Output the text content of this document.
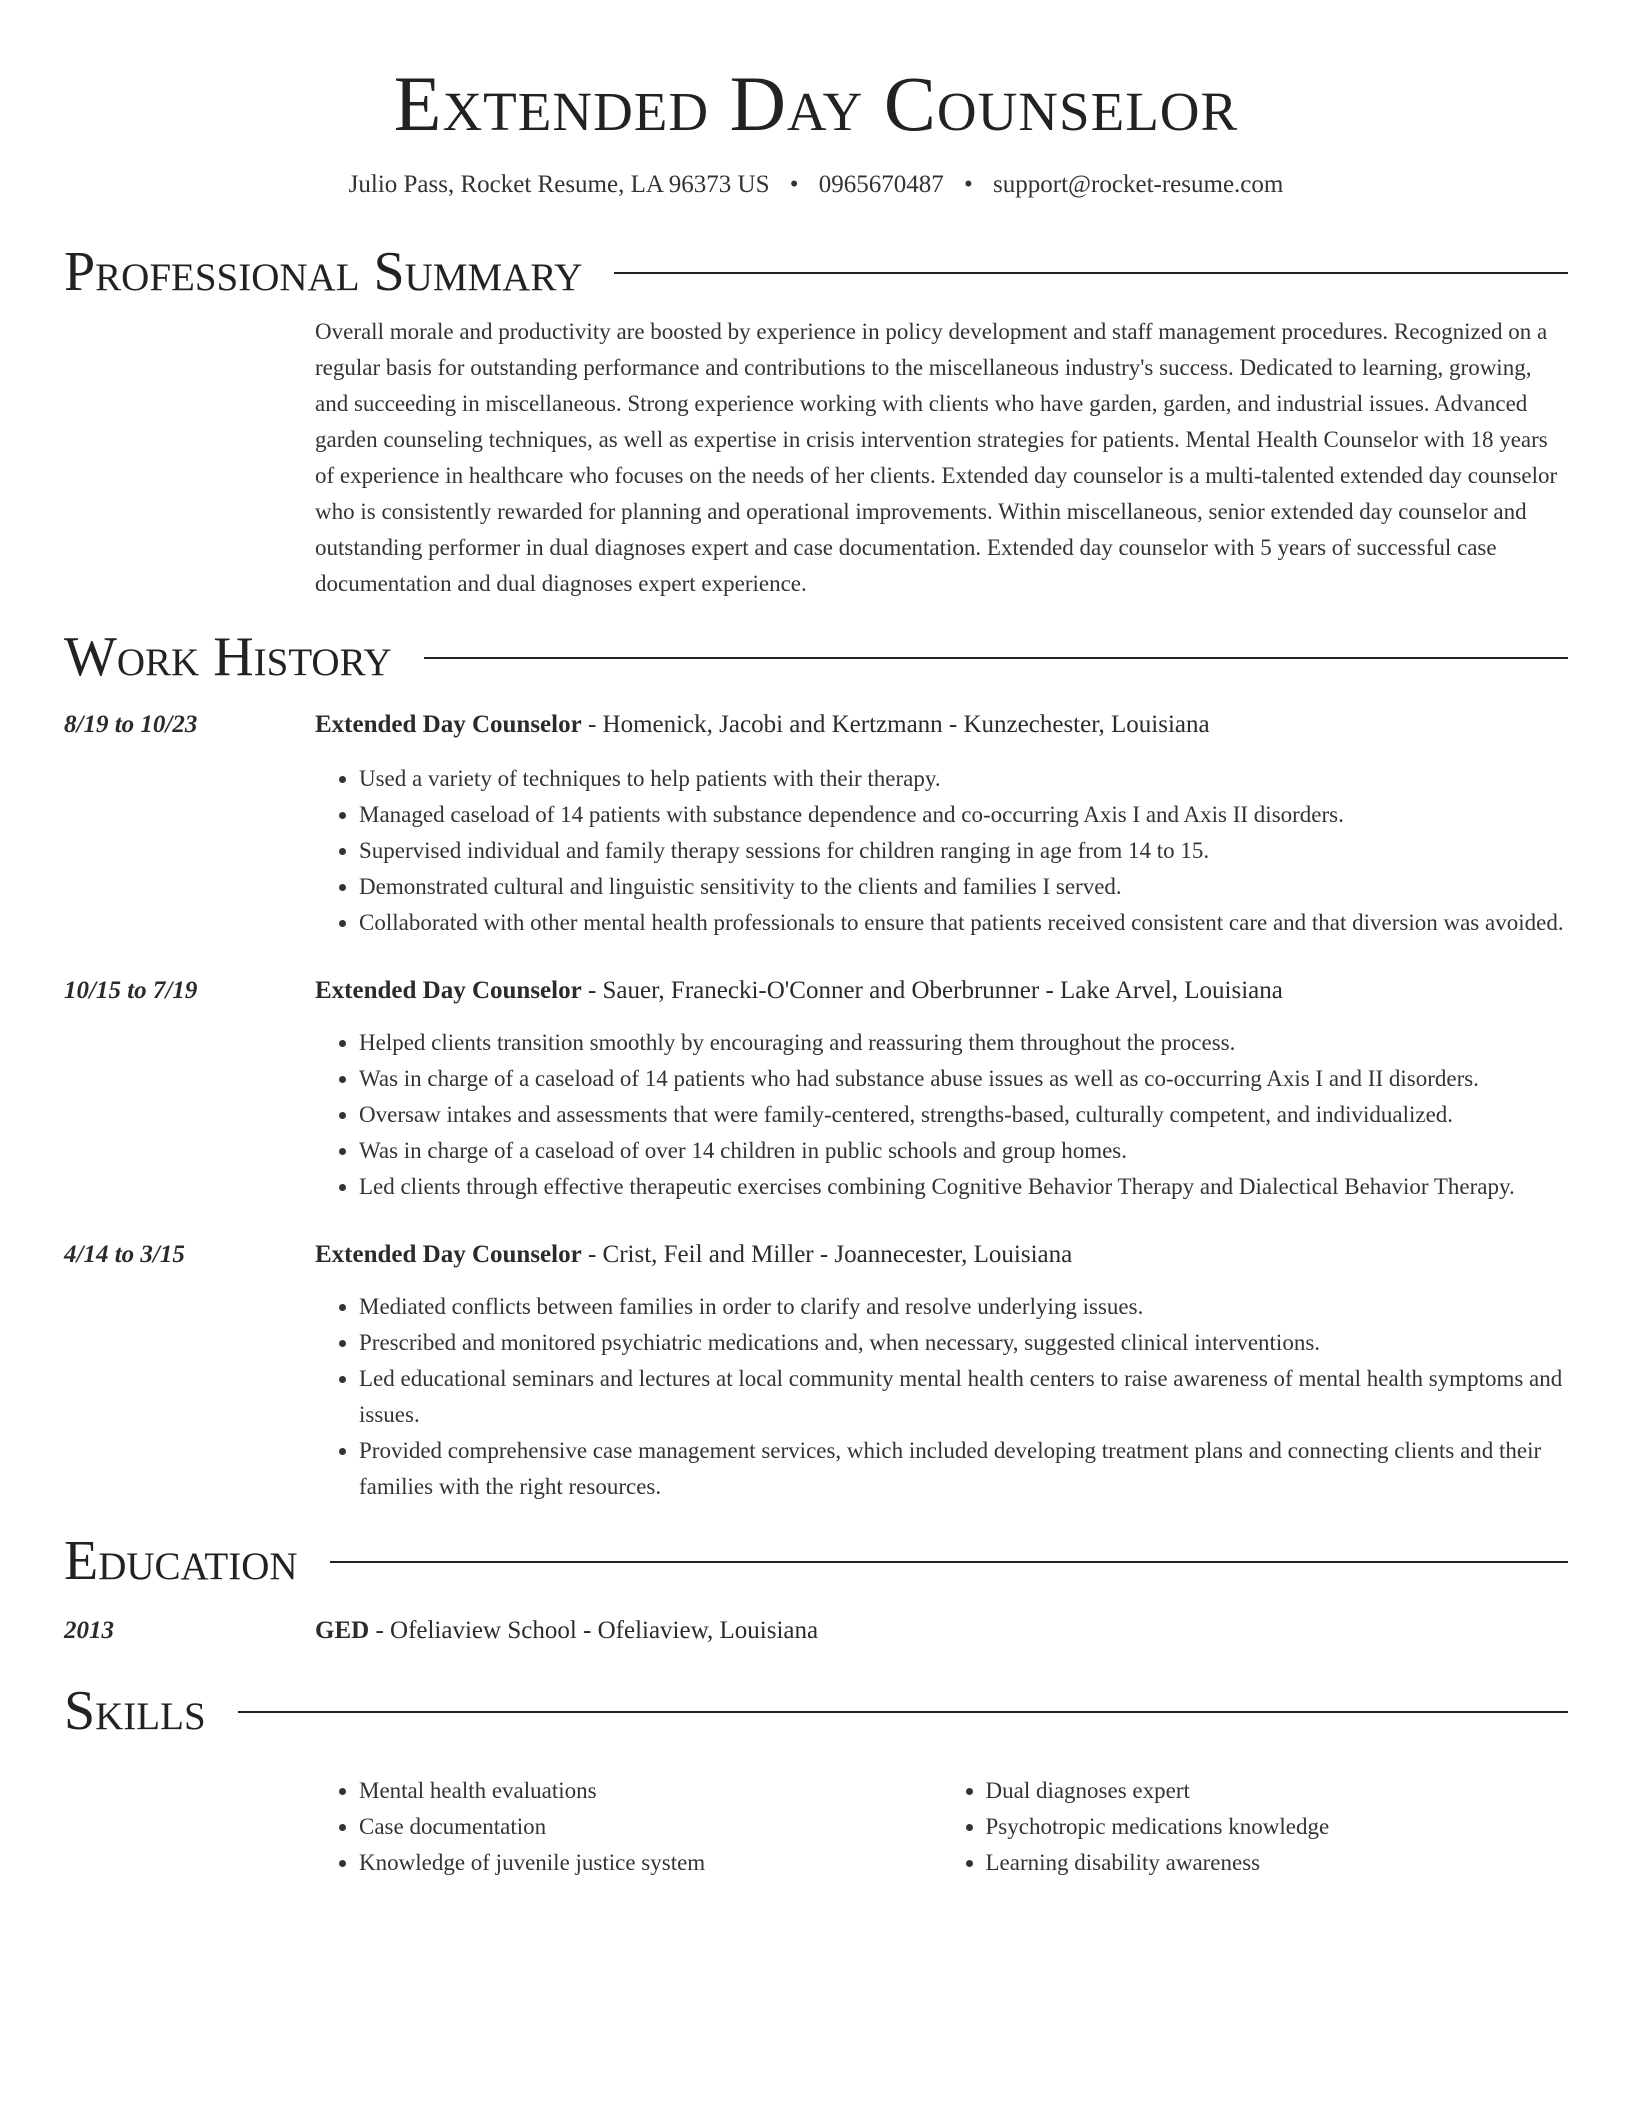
Extended Day Counselor
Julio Pass, Rocket Resume, LA 96373 US • 0965670487 • support@rocket-resume.com
Professional Summary
Overall morale and productivity are boosted by experience in policy development and staff management procedures. Recognized on a regular basis for outstanding performance and contributions to the miscellaneous industry's success. Dedicated to learning, growing, and succeeding in miscellaneous. Strong experience working with clients who have garden, garden, and industrial issues. Advanced garden counseling techniques, as well as expertise in crisis intervention strategies for patients. Mental Health Counselor with 18 years of experience in healthcare who focuses on the needs of her clients. Extended day counselor is a multi-talented extended day counselor who is consistently rewarded for planning and operational improvements. Within miscellaneous, senior extended day counselor and outstanding performer in dual diagnoses expert and case documentation. Extended day counselor with 5 years of successful case documentation and dual diagnoses expert experience.
Work History
8/19 to 10/23	Extended Day Counselor - Homenick, Jacobi and Kertzmann - Kunzechester, Louisiana
• Used a variety of techniques to help patients with their therapy.
• Managed caseload of 14 patients with substance dependence and co-occurring Axis I and Axis II disorders.
• Supervised individual and family therapy sessions for children ranging in age from 14 to 15.
• Demonstrated cultural and linguistic sensitivity to the clients and families I served.
• Collaborated with other mental health professionals to ensure that patients received consistent care and that diversion was avoided.
10/15 to 7/19	Extended Day Counselor - Sauer, Franecki-O'Conner and Oberbrunner - Lake Arvel, Louisiana
• Helped clients transition smoothly by encouraging and reassuring them throughout the process.
• Was in charge of a caseload of 14 patients who had substance abuse issues as well as co-occurring Axis I and II disorders.
• Oversaw intakes and assessments that were family-centered, strengths-based, culturally competent, and individualized.
• Was in charge of a caseload of over 14 children in public schools and group homes.
• Led clients through effective therapeutic exercises combining Cognitive Behavior Therapy and Dialectical Behavior Therapy.
4/14 to 3/15	Extended Day Counselor - Crist, Feil and Miller - Joannecester, Louisiana
• Mediated conflicts between families in order to clarify and resolve underlying issues.
• Prescribed and monitored psychiatric medications and, when necessary, suggested clinical interventions.
• Led educational seminars and lectures at local community mental health centers to raise awareness of mental health symptoms and issues.
• Provided comprehensive case management services, which included developing treatment plans and connecting clients and their families with the right resources.
Education
2013	GED - Ofeliaview School - Ofeliaview, Louisiana
Skills
• Mental health evaluations
• Case documentation
• Knowledge of juvenile justice system
• Dual diagnoses expert
• Psychotropic medications knowledge
• Learning disability awareness
